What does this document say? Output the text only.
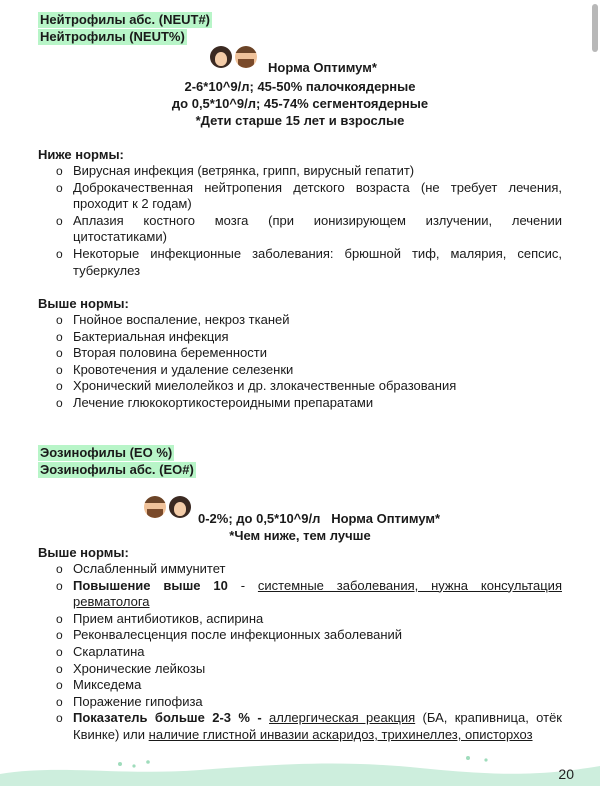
Нейтрофилы абс. (NEUT#)
Нейтрофилы (NEUT%)
Норма Оптимум*
2-6*10^9/л; 45-50% палочкоядерные
до 0,5*10^9/л; 45-74% сегментоядерные
*Дети старше 15 лет и взрослые
Ниже нормы:
o Вирусная инфекция (ветрянка, грипп, вирусный гепатит)
o Доброкачественная нейтропения детского возраста (не требует лечения, проходит к 2 годам)
o Аплазия костного мозга (при ионизирующем излучении, лечении цитостатиками)
o Некоторые инфекционные заболевания: брюшной тиф, малярия, сепсис, туберкулез
Выше нормы:
o Гнойное воспаление, некроз тканей
o Бактериальная инфекция
o Вторая половина беременности
o Кровотечения и удаление селезенки
o Хронический миелолейкоз и др. злокачественные образования
o Лечение глюкокортикостероидными препаратами
Эозинофилы (EO %)
Эозинофилы абс. (EO#)
0-2%; до 0,5*10^9/л   Норма Оптимум*
*Чем ниже, тем лучше
Выше нормы:
o Ослабленный иммунитет
o Повышение выше 10 - системные заболевания, нужна консультация ревматолога
o Прием антибиотиков, аспирина
o Реконвалесценция после инфекционных заболеваний
o Скарлатина
o Хронические лейкозы
o Микседема
o Поражение гипофиза
o Показатель больше 2-3 % - аллергическая реакция (БА, крапивница, отёк Квинке) или наличие глистной инвазии аскаридоз, трихинеллез, описторхоз
20
